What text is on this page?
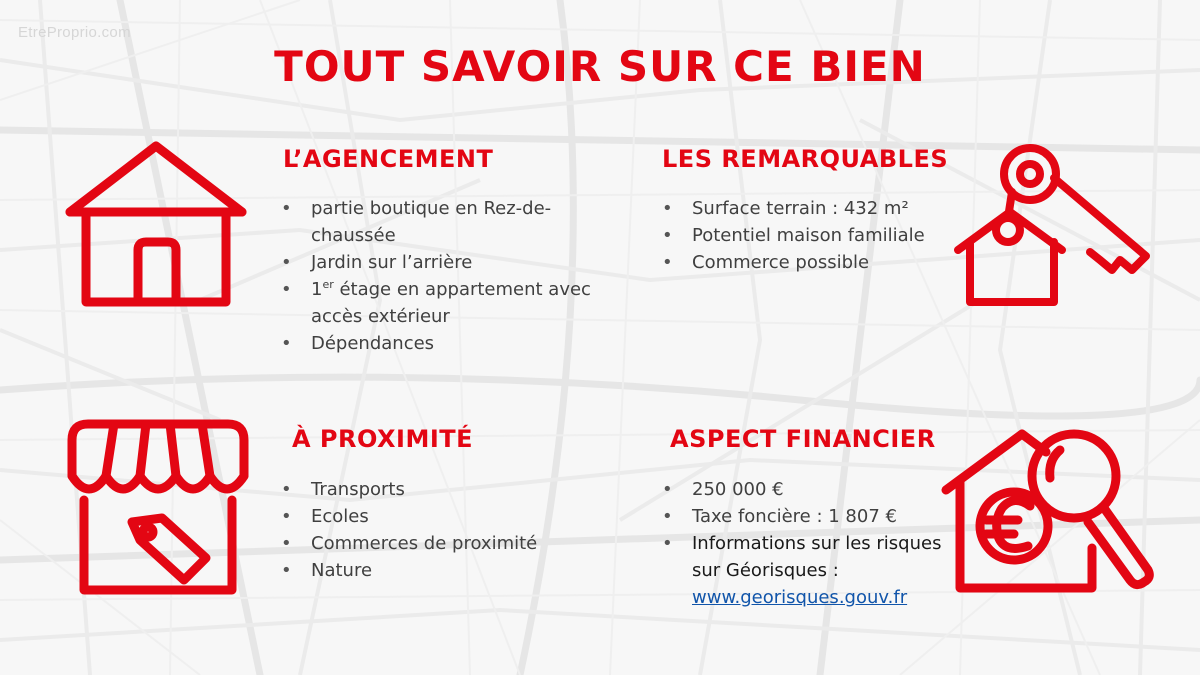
EtreProprio.com
TOUT SAVOIR SUR CE BIEN
L’AGENCEMENT
• partie boutique en Rez-de-chaussée
• Jardin sur l’arrière
• 1er étage en appartement avec accès extérieur
• Dépendances
LES REMARQUABLES
• Surface terrain : 432 m²
• Potentiel maison familiale
• Commerce possible
À PROXIMITÉ
• Transports
• Ecoles
• Commerces de proximité
• Nature
ASPECT FINANCIER
• 250 000 €
• Taxe foncière : 1 807 €
• Informations sur les risques sur Géorisques :
www.georisques.gouv.fr
